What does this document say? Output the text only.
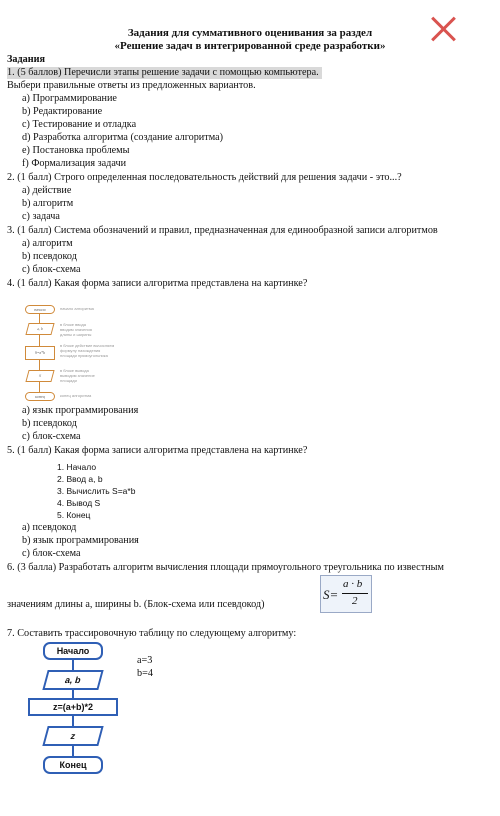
Задания для суммативного оценивания за раздел
«Решение задач в интегрированной среде разработки»
Задания
1. (5 баллов) Перечисли этапы решение задачи с помощью компьютера.
Выбери правильные ответы из предложенных вариантов.
a) Программирование
b) Редактирование
c) Тестирование и отладка
d) Разработка алгоритма (создание алгоритма)
e) Постановка проблемы
f) Формализация задачи
2. (1 балл) Строго определенная последовательность действий для решения задачи - это...?
a) действие
b) алгоритм
c) задача
3. (1 балл) Система обозначений и правил, предназначенная для единообразной записи алгоритмов
a) алгоритм
b) псевдокод
c) блок-схема
4. (1 балл) Какая форма записи алгоритма представлена на картинке?
начало
a, b
S=a*b
S
конец
начало алгоритма
в блоке ввода вводим значения длины и ширины
в блоке действие вычисляем формулу нахождения площади прямоугольника
в блоке вывода выводим значение площади
конец алгоритма
a) язык программирования
b) псевдокод
c) блок-схема
5. (1 балл) Какая форма записи алгоритма представлена на картинке?
1. Начало
2. Ввод a, b
3. Вычислить S=a*b
4. Вывод S
5. Конец
a) псевдокод
b) язык программирования
c) блок-схема
6. (3 балла) Разработать алгоритм вычисления площади прямоугольного треугольника по известным
S=
a · b
2
значениям длины a, ширины b. (Блок-схема или псевдокод)
7. Составить трассировочную таблицу по следующему алгоритму:
Начало
a, b
z=(a+b)*2
z
Конец
a=3
b=4
